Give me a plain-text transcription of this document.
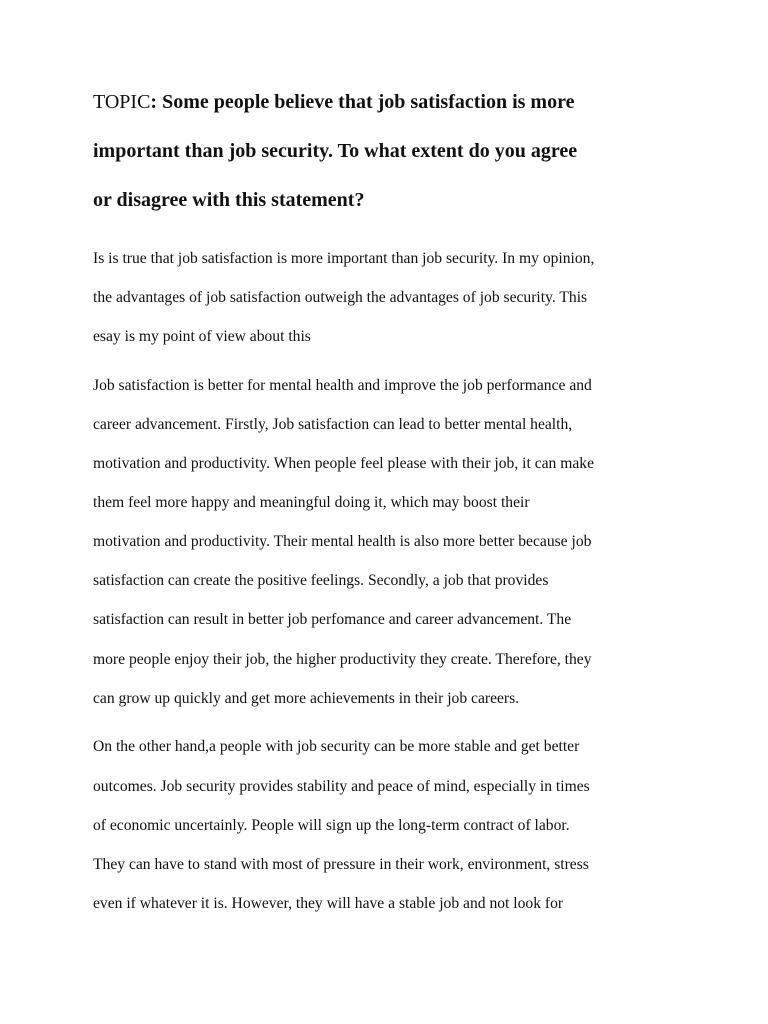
TOPIC: Some people believe that job satisfaction is more
important than job security. To what extent do you agree
or disagree with this statement?
Is is true that job satisfaction is more important than job security. In my opinion,
the advantages of job satisfaction outweigh the advantages of job security. This
esay is my point of view about this
Job satisfaction is better for mental health and improve the job performance and
career advancement. Firstly, Job satisfaction can lead to better mental health,
motivation and productivity. When people feel please with their job, it can make
them feel more happy and meaningful doing it, which may boost their
motivation and productivity. Their mental health is also more better because job
satisfaction can create the positive feelings. Secondly, a job that provides
satisfaction can result in better job perfomance and career advancement. The
more people enjoy their job, the higher productivity they create. Therefore, they
can grow up quickly and get more achievements in their job careers.
On the other hand,a people with job security can be more stable and get better
outcomes. Job security provides stability and peace of mind, especially in times
of economic uncertainly. People will sign up the long-term contract of labor.
They can have to stand with most of pressure in their work, environment, stress
even if whatever it is. However, they will have a stable job and not look for
